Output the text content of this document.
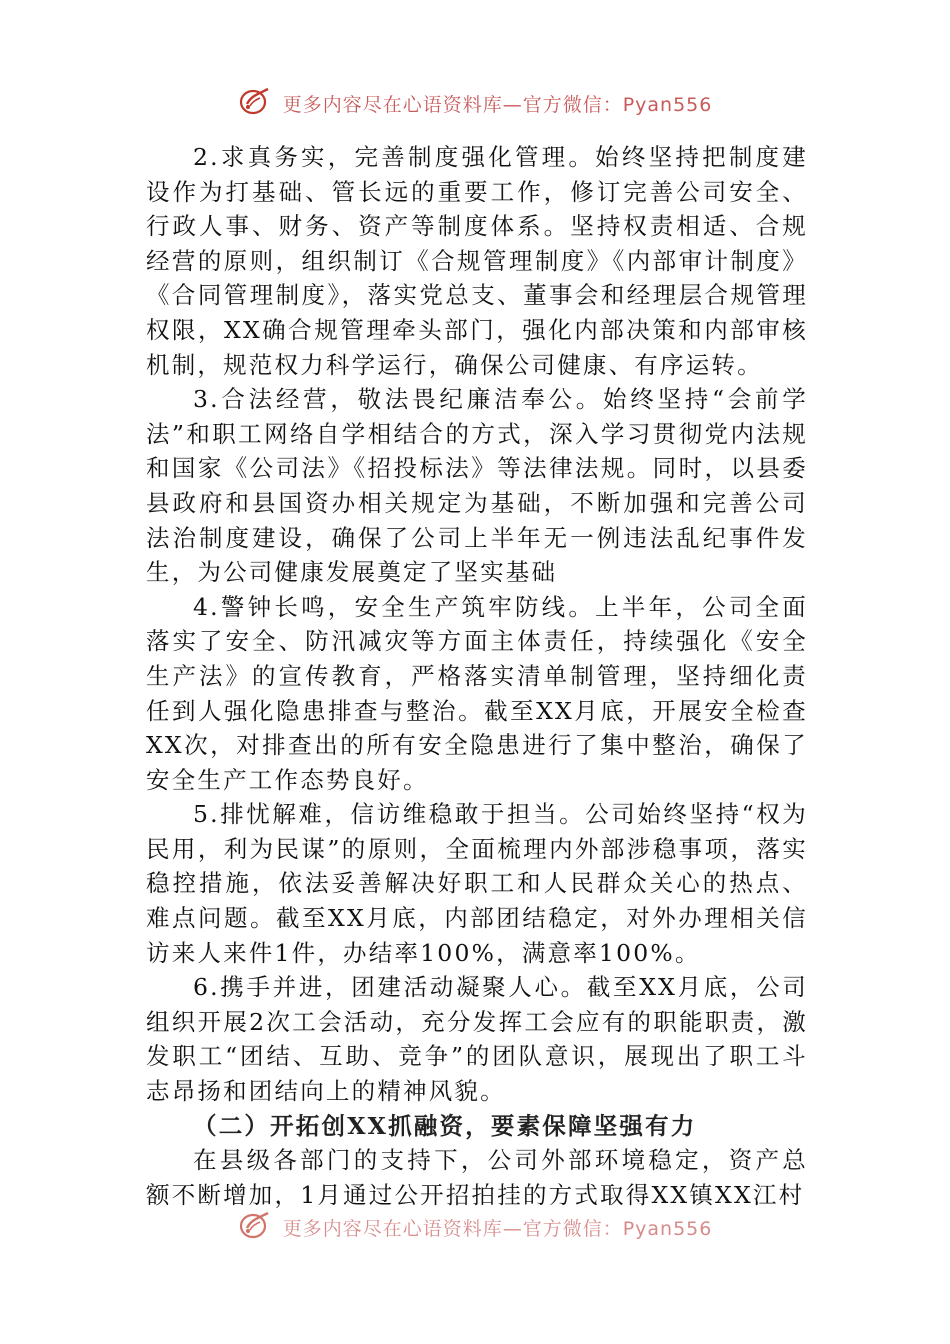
更多内容尽在心语资料库—官方微信：Pyan556

2.求真务实，完善制度强化管理。始终坚持把制度建设作为打基础、管长远的重要工作，修订完善公司安全、行政人事、财务、资产等制度体系。坚持权责相适、合规经营的原则，组织制订《合规管理制度》《内部审计制度》《合同管理制度》，落实党总支、董事会和经理层合规管理权限，XX确合规管理牵头部门，强化内部决策和内部审核机制，规范权力科学运行，确保公司健康、有序运转。

3.合法经营，敬法畏纪廉洁奉公。始终坚持“会前学法”和职工网络自学相结合的方式，深入学习贯彻党内法规和国家《公司法》《招投标法》等法律法规。同时，以县委县政府和县国资办相关规定为基础，不断加强和完善公司法治制度建设，确保了公司上半年无一例违法乱纪事件发生，为公司健康发展奠定了坚实基础

4.警钟长鸣，安全生产筑牢防线。上半年，公司全面落实了安全、防汛减灾等方面主体责任，持续强化《安全生产法》的宣传教育，严格落实清单制管理，坚持细化责任到人强化隐患排查与整治。截至XX月底，开展安全检查XX次，对排查出的所有安全隐患进行了集中整治，确保了安全生产工作态势良好。

5.排忧解难，信访维稳敢于担当。公司始终坚持“权为民用，利为民谋”的原则，全面梳理内外部涉稳事项，落实稳控措施，依法妥善解决好职工和人民群众关心的热点、难点问题。截至XX月底，内部团结稳定，对外办理相关信访来人来件1件，办结率100%，满意率100%。

6.携手并进，团建活动凝聚人心。截至XX月底，公司组织开展2次工会活动，充分发挥工会应有的职能职责，激发职工“团结、互助、竞争”的团队意识，展现出了职工斗志昂扬和团结向上的精神风貌。

（二）开拓创XX抓融资，要素保障坚强有力

在县级各部门的支持下，公司外部环境稳定，资产总额不断增加，1月通过公开招拍挂的方式取得XX镇XX江村

更多内容尽在心语资料库—官方微信：Pyan556
